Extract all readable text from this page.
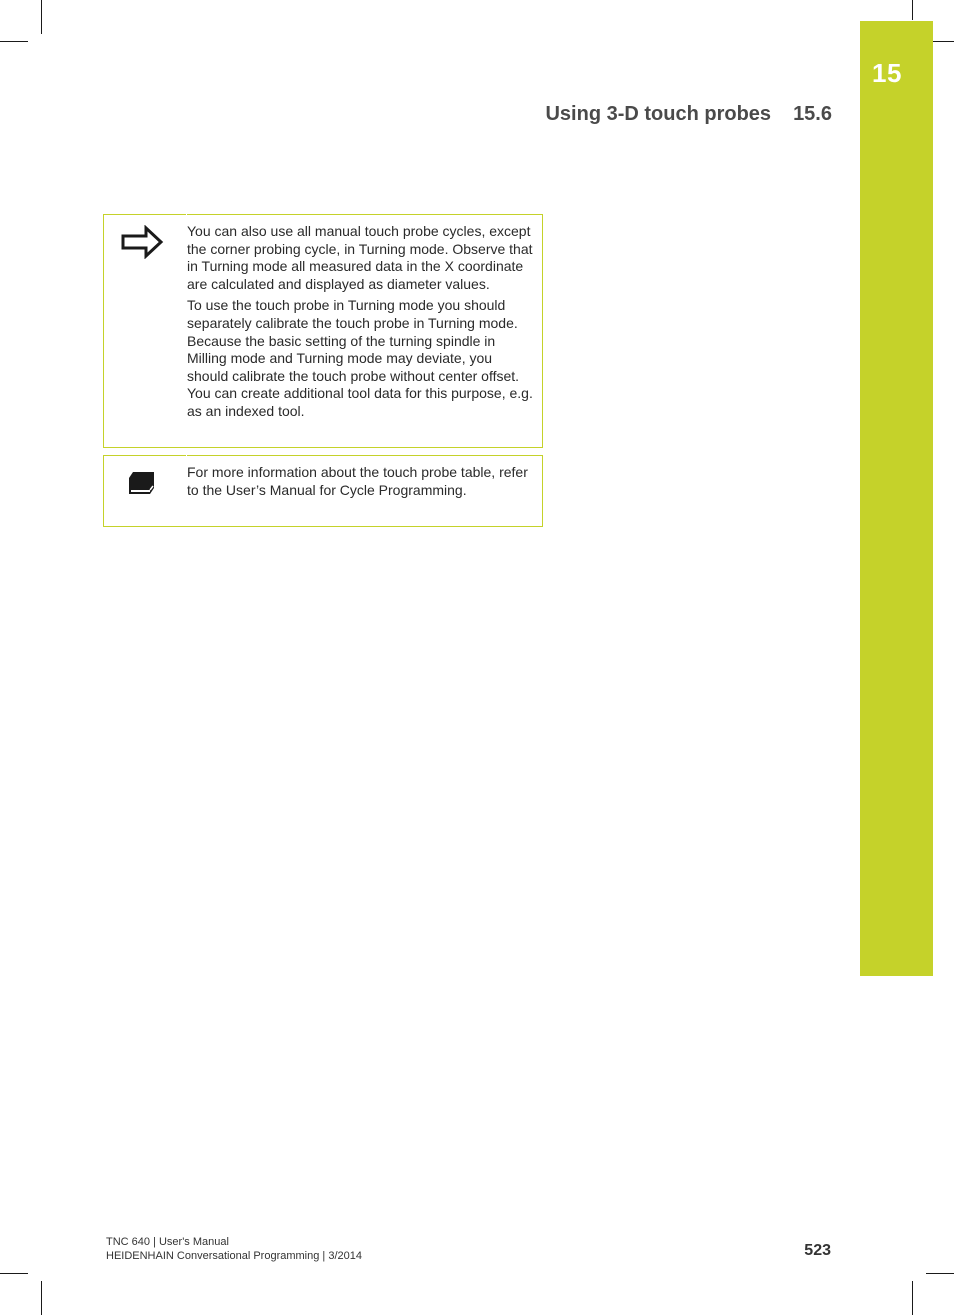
15
Using 3-D touch probes 15.6

You can also use all manual touch probe cycles, except the corner probing cycle, in Turning mode. Observe that in Turning mode all measured data in the X coordinate are calculated and displayed as diameter values.

To use the touch probe in Turning mode you should separately calibrate the touch probe in Turning mode. Because the basic setting of the turning spindle in Milling mode and Turning mode may deviate, you should calibrate the touch probe without center offset. You can create additional tool data for this purpose, e.g. as an indexed tool.

For more information about the touch probe table, refer to the User’s Manual for Cycle Programming.

TNC 640 | User's Manual
HEIDENHAIN Conversational Programming | 3/2014	523
